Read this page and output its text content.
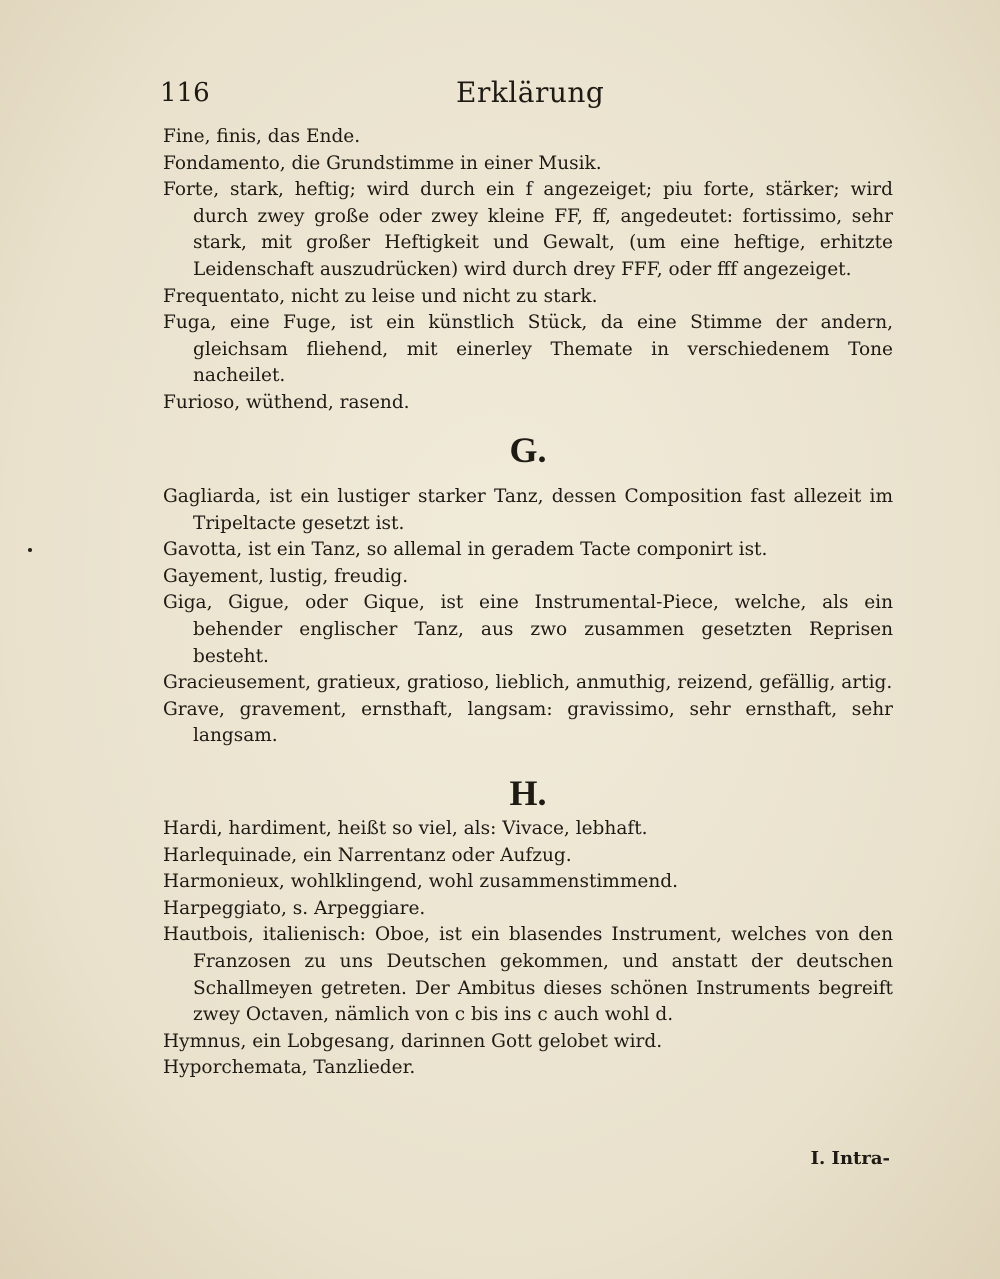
116	Erklärung

Fine, finis, das Ende.

Fondamento, die Grundstimme in einer Musik.

Forte, stark, heftig; wird durch ein f angezeiget; piu forte, stärker; wird durch zwey große oder zwey kleine FF, ff, angedeutet: fortissimo, sehr stark, mit großer Heftigkeit und Gewalt, (um eine heftige, erhitzte Leidenschaft auszudrücken) wird durch drey FFF, oder fff angezeiget.

Frequentato, nicht zu leise und nicht zu stark.

Fuga, eine Fuge, ist ein künstlich Stück, da eine Stimme der andern, gleichsam fliehend, mit einerley Themate in verschiedenem Tone nacheilet.

Furioso, wüthend, rasend.

G.

Gagliarda, ist ein lustiger starker Tanz, dessen Composition fast allezeit im Tripeltacte gesetzt ist.

Gavotta, ist ein Tanz, so allemal in geradem Tacte componirt ist.

Gayement, lustig, freudig.

Giga, Gigue, oder Gique, ist eine Instrumental-Piece, welche, als ein behender englischer Tanz, aus zwo zusammen gesetzten Reprisen besteht.

Gracieusement, gratieux, gratioso, lieblich, anmuthig, reizend, gefällig, artig.

Grave, gravement, ernsthaft, langsam: gravissimo, sehr ernsthaft, sehr langsam.

H.

Hardi, hardiment, heißt so viel, als: Vivace, lebhaft.

Harlequinade, ein Narrentanz oder Aufzug.

Harmonieux, wohlklingend, wohl zusammenstimmend.

Harpeggiato, s. Arpeggiare.

Hautbois, italienisch: Oboe, ist ein blasendes Instrument, welches von den Franzosen zu uns Deutschen gekommen, und anstatt der deutschen Schallmeyen getreten. Der Ambitus dieses schönen Instruments begreift zwey Octaven, nämlich von c bis ins c auch wohl d.

Hymnus, ein Lobgesang, darinnen Gott gelobet wird.

Hyporchemata, Tanzlieder.

I. Intra-
